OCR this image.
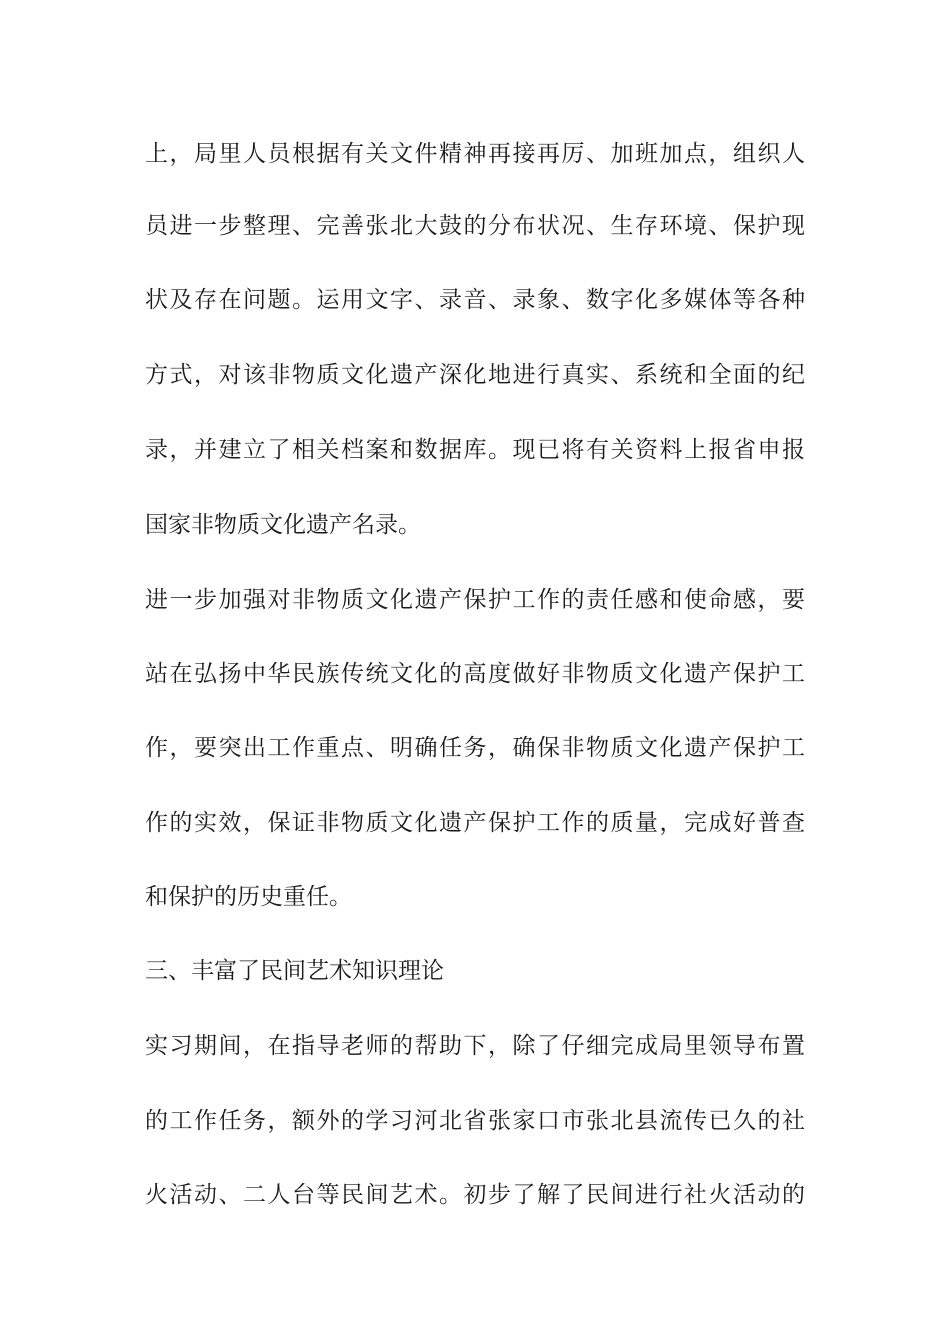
上，局里人员根据有关文件精神再接再厉、加班加点，组织人
员进一步整理、完善张北大鼓的分布状况、生存环境、保护现
状及存在问题。运用文字、录音、录象、数字化多媒体等各种
方式，对该非物质文化遗产深化地进行真实、系统和全面的纪
录，并建立了相关档案和数据库。现已将有关资料上报省申报
国家非物质文化遗产名录。
进一步加强对非物质文化遗产保护工作的责任感和使命感，要
站在弘扬中华民族传统文化的高度做好非物质文化遗产保护工
作，要突出工作重点、明确任务，确保非物质文化遗产保护工
作的实效，保证非物质文化遗产保护工作的质量，完成好普查
和保护的历史重任。
三、丰富了民间艺术知识理论
实习期间，在指导老师的帮助下，除了仔细完成局里领导布置
的工作任务，额外的学习河北省张家口市张北县流传已久的社
火活动、二人台等民间艺术。初步了解了民间进行社火活动的
